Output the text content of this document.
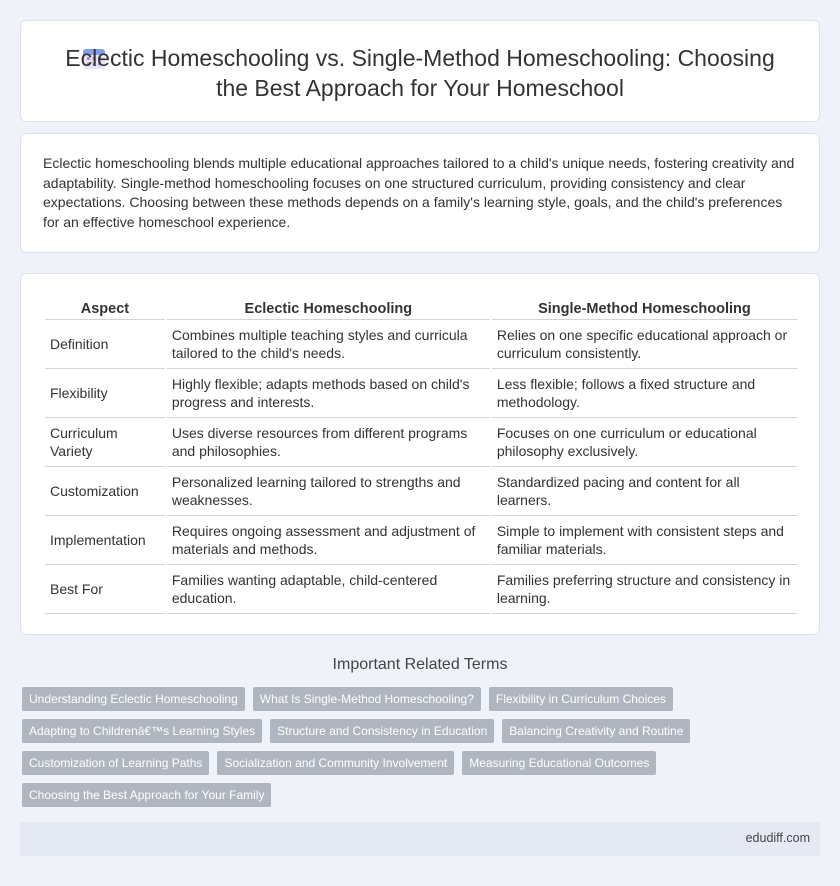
Eclectic Homeschooling vs. Single-Method Homeschooling: Choosing the Best Approach for Your Homeschool

Eclectic homeschooling blends multiple educational approaches tailored to a child's unique needs, fostering creativity and adaptability. Single-method homeschooling focuses on one structured curriculum, providing consistency and clear expectations. Choosing between these methods depends on a family's learning style, goals, and the child's preferences for an effective homeschool experience.

Aspect	Eclectic Homeschooling	Single-Method Homeschooling
Definition	Combines multiple teaching styles and curricula tailored to the child's needs.	Relies on one specific educational approach or curriculum consistently.
Flexibility	Highly flexible; adapts methods based on child's progress and interests.	Less flexible; follows a fixed structure and methodology.
Curriculum Variety	Uses diverse resources from different programs and philosophies.	Focuses on one curriculum or educational philosophy exclusively.
Customization	Personalized learning tailored to strengths and weaknesses.	Standardized pacing and content for all learners.
Implementation	Requires ongoing assessment and adjustment of materials and methods.	Simple to implement with consistent steps and familiar materials.
Best For	Families wanting adaptable, child-centered education.	Families preferring structure and consistency in learning.
Important Related Terms
Understanding Eclectic Homeschooling	What Is Single-Method Homeschooling?	Flexibility in Curriculum Choices
Adapting to Childrenâ€™s Learning Styles	Structure and Consistency in Education	Balancing Creativity and Routine
Customization of Learning Paths	Socialization and Community Involvement	Measuring Educational Outcomes
Choosing the Best Approach for Your Family
edudiff.com
